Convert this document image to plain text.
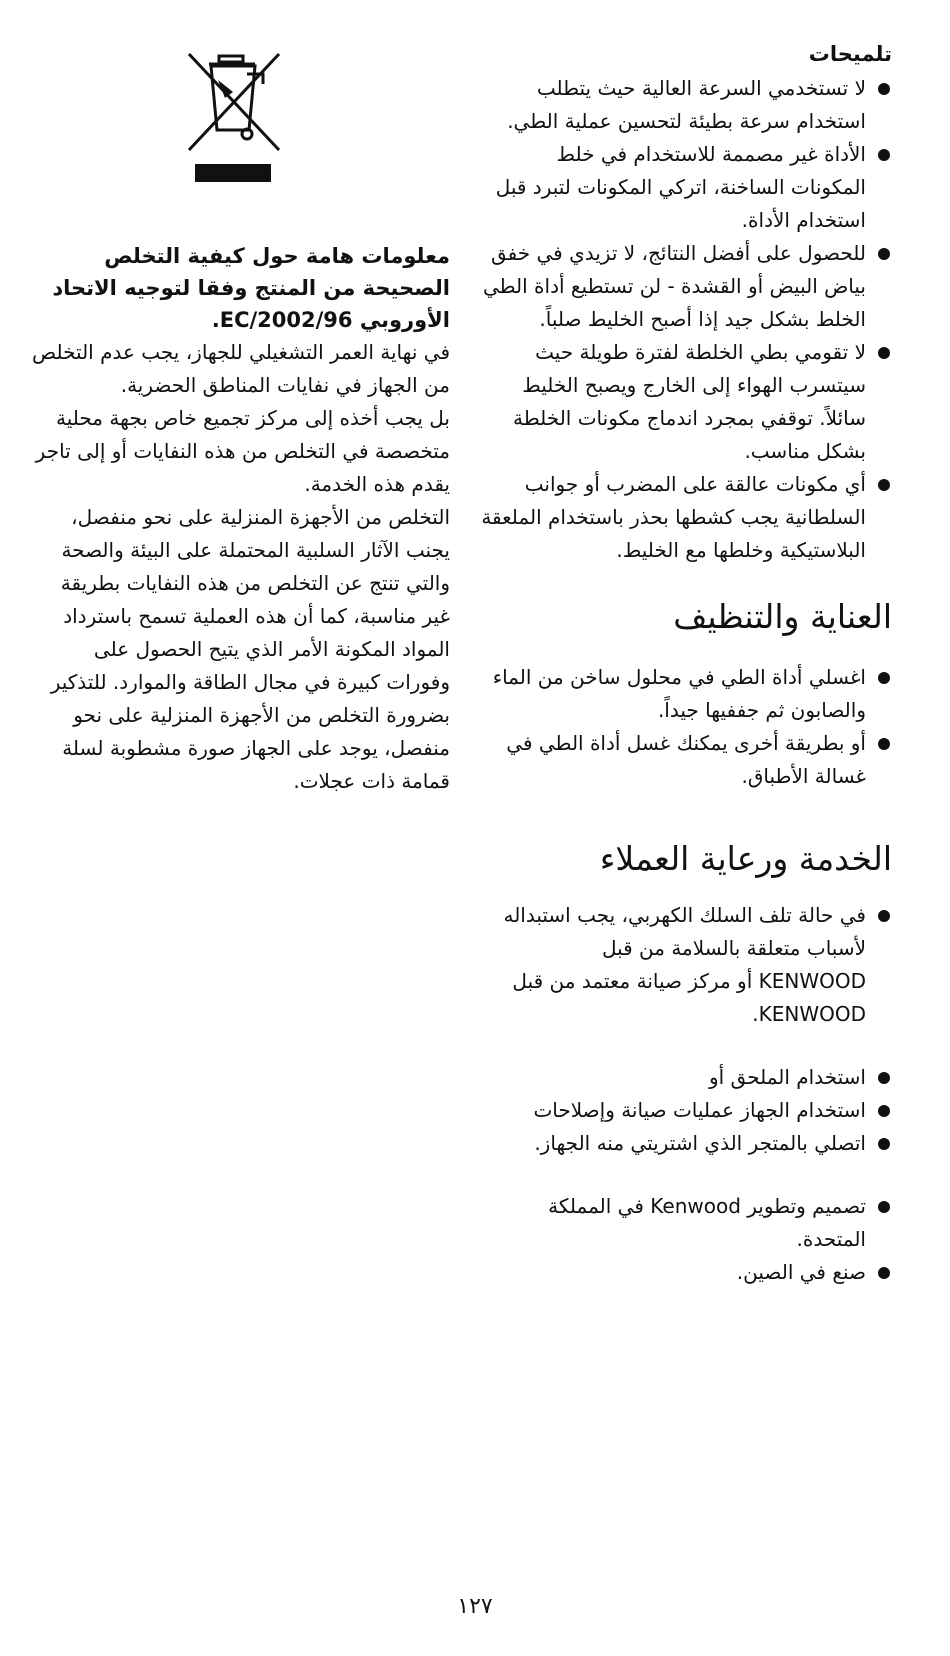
تلميحات
لا تستخدمي السرعة العالية حيث يتطلب استخدام سرعة بطيئة لتحسين عملية الطي.
الأداة غير مصممة للاستخدام في خلط المكونات الساخنة، اتركي المكونات لتبرد قبل استخدام الأداة.
للحصول على أفضل النتائج، لا تزيدي في خفق بياض البيض أو القشدة - لن تستطيع أداة الطي الخلط بشكل جيد إذا أصبح الخليط صلباً.
لا تقومي بطي الخلطة لفترة طويلة حيث سيتسرب الهواء إلى الخارج ويصبح الخليط سائلاً. توقفي بمجرد اندماج مكونات الخلطة بشكل مناسب.
أي مكونات عالقة على المضرب أو جوانب السلطانية يجب كشطها بحذر باستخدام الملعقة البلاستيكية وخلطها مع الخليط.
العناية والتنظيف
اغسلي أداة الطي في محلول ساخن من الماء والصابون ثم جففيها جيداً.
أو بطريقة أخرى يمكنك غسل أداة الطي في غسالة الأطباق.
الخدمة ورعاية العملاء
في حالة تلف السلك الكهربي، يجب استبداله لأسباب متعلقة بالسلامة من قبل
KENWOOD أو مركز صيانة معتمد من قبل KENWOOD.
استخدام الملحق أو
استخدام الجهاز عمليات صيانة وإصلاحات
اتصلي بالمتجر الذي اشتريتي منه الجهاز.
تصميم وتطوير Kenwood في المملكة المتحدة.
صنع في الصين.
معلومات هامة حول كيفية التخلص الصحيحة من المنتج وفقا لتوجيه الاتحاد الأوروبي 2002/96/EC.
في نهاية العمر التشغيلي للجهاز، يجب عدم التخلص من الجهاز في نفايات المناطق الحضرية.
بل يجب أخذه إلى مركز تجميع خاص بجهة محلية متخصصة في التخلص من هذه النفايات أو إلى تاجر يقدم هذه الخدمة.
التخلص من الأجهزة المنزلية على نحو منفصل، يجنب الآثار السلبية المحتملة على البيئة والصحة والتي تنتج عن التخلص من هذه النفايات بطريقة غير مناسبة، كما أن هذه العملية تسمح باسترداد المواد المكونة الأمر الذي يتيح الحصول على وفورات كبيرة في مجال الطاقة والموارد. للتذكير بضرورة التخلص من الأجهزة المنزلية على نحو منفصل، يوجد على الجهاز صورة مشطوبة لسلة قمامة ذات عجلات.
١٢٧
